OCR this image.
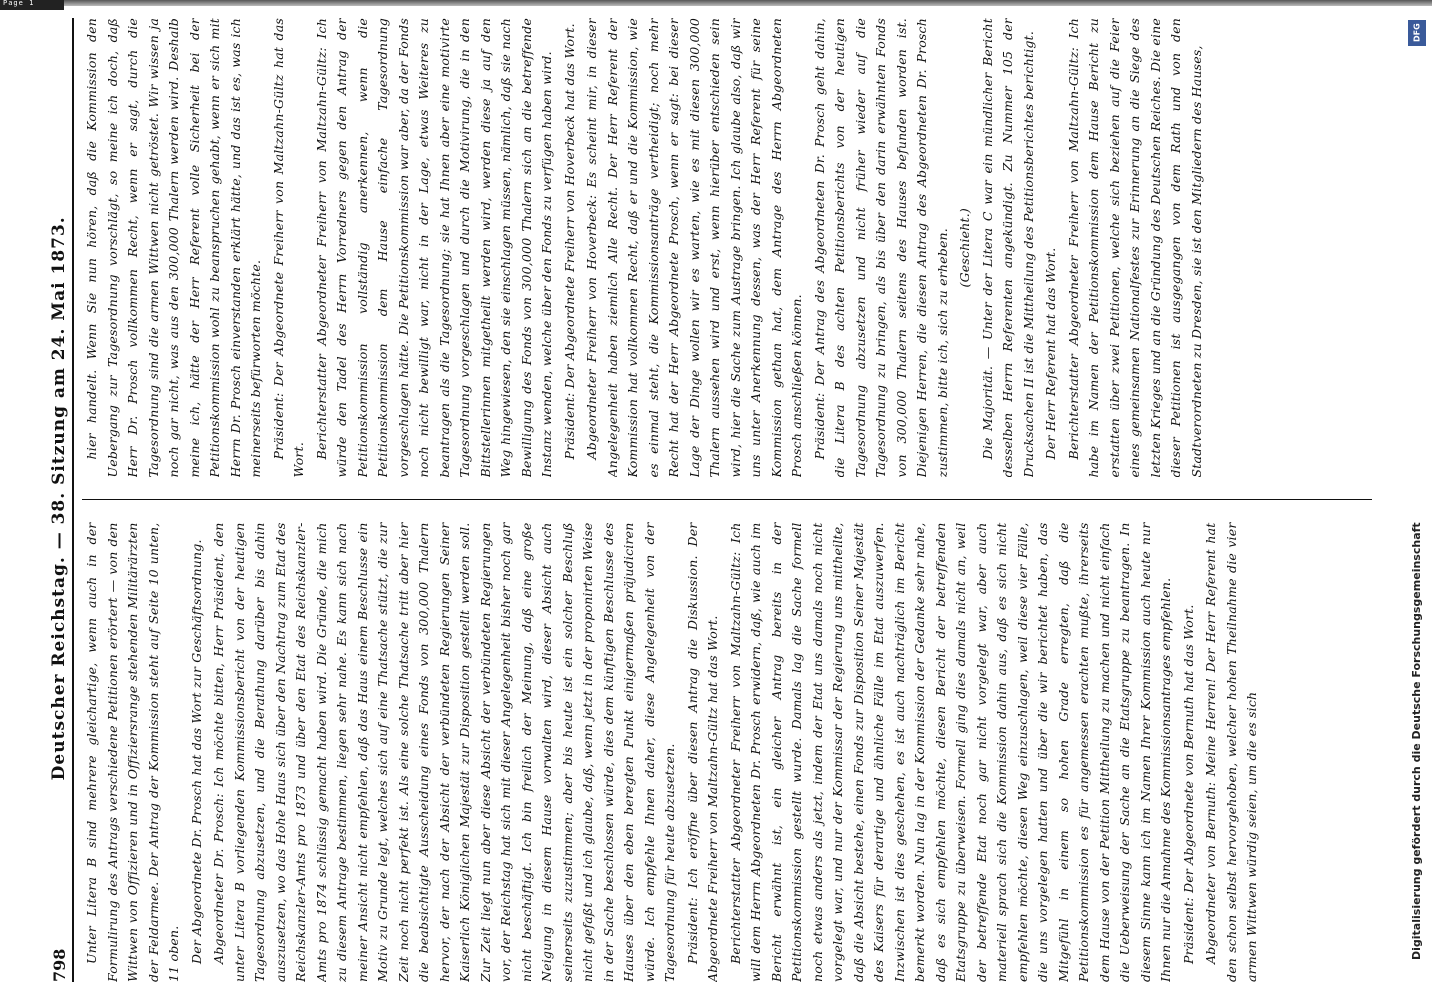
Page 1
798
Deutscher Reichstag. — 38. Sitzung am 24. Mai 1873. Unter Litera B sind mehrere gleichartige, wenn auch in der Formulirung des Antrags verschiedene Petitionen erörtert — von den Wittwen von Offizieren und in Offiziersrange stehenden Militärärzten der Feldarmee. Der Antrag der Kommission steht auf Seite 10 unten, 11 oben. Der Abgeordnete Dr. Prosch hat das Wort zur Geschäftsordnung. Abgeordneter Dr. Prosch: Ich möchte bitten, Herr Präsident, den unter Litera B vorliegenden Kommissionsbericht von der heutigen Tagesordnung abzusetzen, und die Berathung darüber bis dahin auszusetzen, wo das Hohe Haus sich über den Nachtrag zum Etat des Reichskanzler-Amts pro 1873 und über den Etat des Reichskanzler-Amts pro 1874 schlüssig gemacht haben wird. Die Gründe, die mich zu diesem Antrage bestimmen, liegen sehr nahe. Es kann sich nach meiner Ansicht nicht empfehlen, daß das Haus einem Beschlusse ein Motiv zu Grunde legt, welches sich auf eine Thatsache stützt, die zur Zeit noch nicht perfekt ist. Als eine solche Thatsache tritt aber hier die beabsichtigte Ausscheidung eines Fonds von 300,000 Thalern hervor, der nach der Absicht der verbündeten Regierungen Seiner Kaiserlich Königlichen Majestät zur Disposition gestellt werden soll. Zur Zeit liegt nun aber diese Absicht der verbündeten Regierungen vor, der Reichstag hat sich mit dieser Angelegenheit bisher noch gar nicht beschäftigt. Ich bin freilich der Meinung, daß eine große Neigung in diesem Hause vorwalten wird, dieser Absicht auch seinerseits zuzustimmen; aber bis heute ist ein solcher Beschluß nicht gefaßt und ich glaube, daß, wenn jetzt in der proponirten Weise in der Sache beschlossen würde, dies dem künftigen Beschlusse des Hauses über den eben beregten Punkt einigermaßen präjudiciren würde. Ich empfehle Ihnen daher, diese Angelegenheit von der Tagesordnung für heute abzusetzen. Präsident: Ich eröffne über diesen Antrag die Diskussion. Der Abgeordnete Freiherr von Maltzahn-Gültz hat das Wort. Berichterstatter Abgeordneter Freiherr von Maltzahn-Gültz: Ich will dem Herrn Abgeordneten Dr. Prosch erwidern, daß, wie auch im Bericht erwähnt ist, ein gleicher Antrag bereits in der Petitionskommission gestellt wurde. Damals lag die Sache formell noch etwas anders als jetzt, indem der Etat uns damals noch nicht vorgelegt war, und nur der Kommissar der Regierung uns mittheilte, daß die Absicht bestehe, einen Fonds zur Disposition Seiner Majestät des Kaisers für derartige und ähnliche Fälle im Etat auszuwerfen. Inzwischen ist dies geschehen, es ist auch nachträglich im Bericht bemerkt worden. Nun lag in der Kommission der Gedanke sehr nahe, daß es sich empfehlen möchte, diesen Bericht der betreffenden Etatsgruppe zu überweisen. Formell ging dies damals nicht an, weil der betreffende Etat noch gar nicht vorgelegt war, aber auch materiell sprach sich die Kommission dahin aus, daß es sich nicht empfehlen möchte, diesen Weg einzuschlagen, weil diese vier Fälle, die uns vorgelegen hatten und über die wir berichtet haben, das Mitgefühl in einem so hohen Grade erregten, daß die Petitionskommission es für angemessen erachten mußte, ihrerseits dem Hause von der Petition Mittheilung zu machen und nicht einfach die Ueberweisung der Sache an die Etatsgruppe zu beantragen. In diesem Sinne kann ich im Namen Ihrer Kommission auch heute nur Ihnen nur die Annahme des Kommissionsantrages empfehlen. Präsident: Der Abgeordnete von Bernuth hat das Wort. Abgeordneter von Bernuth: Meine Herren! Der Herr Referent hat den schon selbst hervorgehoben, welcher hohen Theilnahme die vier armen Wittwen würdig seien, um die es sich

hier handelt. Wenn Sie nun hören, daß die Kommission den Uebergang zur Tagesordnung vorschlägt, so meine ich doch, daß Herr Dr. Prosch vollkommen Recht, wenn er sagt, durch die Tagesordnung sind die armen Wittwen nicht getröstet. Wir wissen ja noch gar nicht, was aus den 300,000 Thalern werden wird. Deshalb meine ich, hätte der Herr Referent volle Sicherheit bei der Petitionskommission wohl zu beanspruchen gehabt, wenn er sich mit Herrn Dr. Prosch einverstanden erklärt hätte, und das ist es, was ich meinerseits befürworten möchte. Präsident: Der Abgeordnete Freiherr von Maltzahn-Gültz hat das Wort.

Berichterstatter Abgeordneter Freiherr von Maltzahn-Gültz: Ich würde den Tadel des Herrn Vorredners gegen den Antrag der Petitionskommission vollständig anerkennen, wenn die Petitionskommission dem Hause einfache Tagesordnung vorgeschlagen hätte. Die Petitionskommission war aber, da der Fonds noch nicht bewilligt war, nicht in der Lage, etwas Weiteres zu beantragen als die Tagesordnung; sie hat Ihnen aber eine motivirte Tagesordnung vorgeschlagen und durch die Motivirung, die in den Bittstellerinnen mitgetheilt werden wird, werden diese ja auf den Weg hingewiesen, den sie einschlagen müssen, nämlich, daß sie nach Bewilligung des Fonds von 300,000 Thalern sich an die betreffende Instanz wenden, welche über den Fonds zu verfügen haben wird. Präsident: Der Abgeordnete Freiherr von Hoverbeck hat das Wort. Abgeordneter Freiherr von Hoverbeck: Es scheint mir, in dieser Angelegenheit haben ziemlich Alle Recht. Der Herr Referent der Kommission hat vollkommen Recht, daß er und die Kommission, wie es einmal steht, die Kommissionsanträge vertheidigt; noch mehr Recht hat der Herr Abgeordnete Prosch, wenn er sagt: bei dieser Lage der Dinge wollen wir es warten, wie es mit diesen 300,000 Thalern aussehen wird und erst, wenn hierüber entschieden sein wird, hier die Sache zum Austrage bringen. Ich glaube also, daß wir uns unter Anerkennung dessen, was der Herr Referent für seine Kommission gethan hat, dem Antrage des Herrn Abgeordneten Prosch anschließen können. Präsident: Der Antrag des Abgeordneten Dr. Prosch geht dahin, die Litera B des achten Petitionsberichts von der heutigen Tagesordnung abzusetzen und nicht früher wieder auf die Tagesordnung zu bringen, als bis über den darin erwähnten Fonds von 300,000 Thalern seitens des Hauses befunden worden ist. Diejenigen Herren, die diesen Antrag des Abgeordneten Dr. Prosch zustimmen, bitte ich, sich zu erheben. (Geschieht.) Die Majorität. — Unter der Litera C war ein mündlicher Bericht desselben Herrn Referenten angekündigt. Zu Nummer 105 der Drucksachen II ist die Mittheilung des Petitionsberichtes berichtigt. Der Herr Referent hat das Wort. Berichterstatter Abgeordneter Freiherr von Maltzahn-Gültz: Ich habe im Namen der Petitionskommission dem Hause Bericht zu erstatten über zwei Petitionen, welche sich beziehen auf die Feier eines gemeinsamen Nationalfestes zur Erinnerung an die Siege des letzten Krieges und an die Gründung des Deutschen Reiches. Die eine dieser Petitionen ist ausgegangen von dem Rath und von den Stadtverordneten zu Dresden, sie ist den Mitgliedern des Hauses,

DFG
Digitalisierung gefördert durch die Deutsche Forschungsgemeinschaft
